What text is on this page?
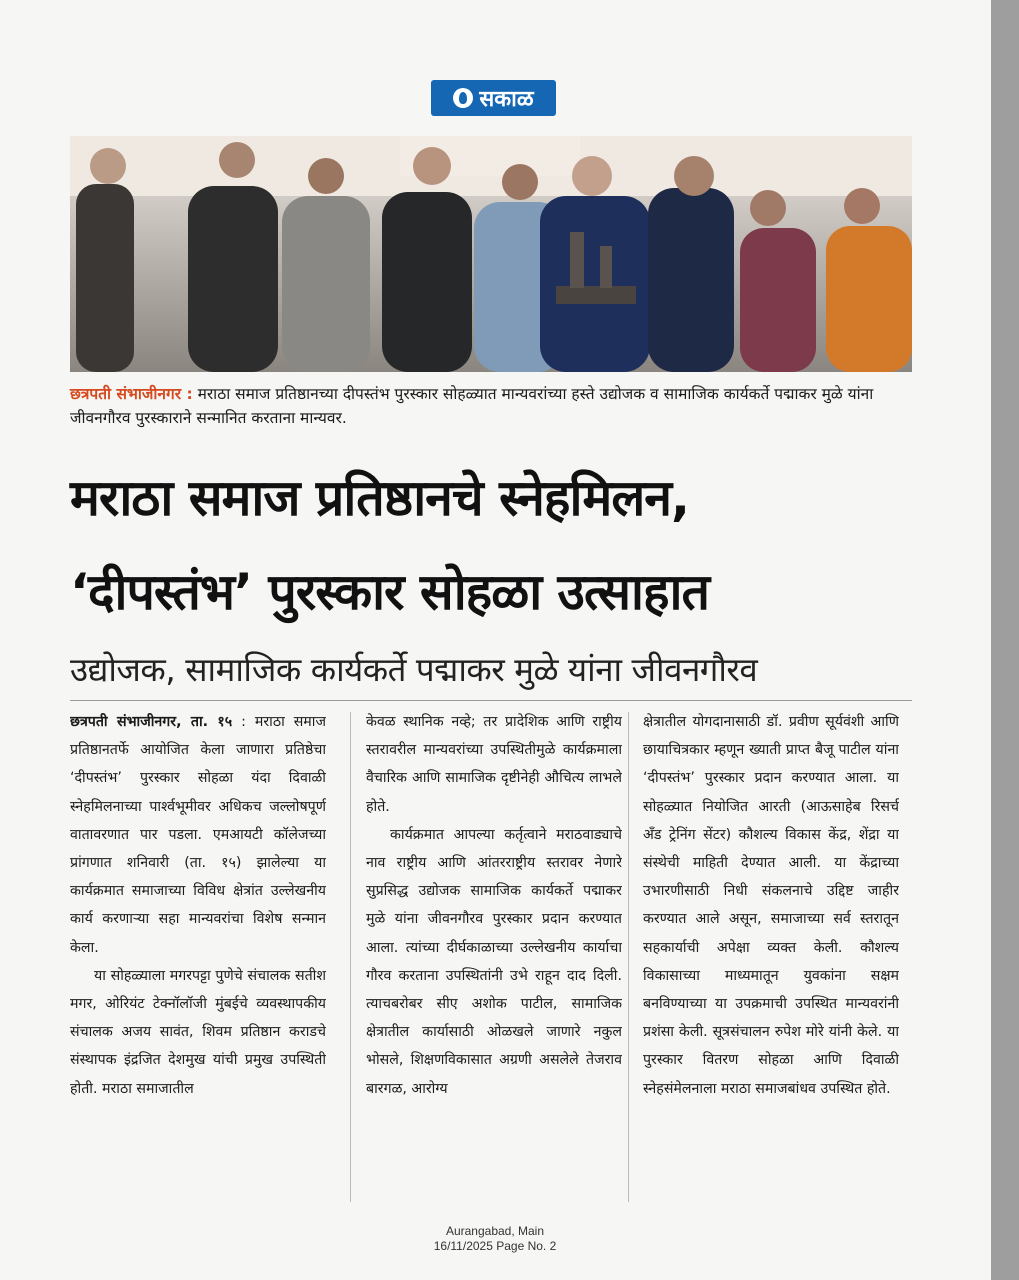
सकाळ
छत्रपती संभाजीनगर : मराठा समाज प्रतिष्ठानच्या दीपस्तंभ पुरस्कार सोहळ्यात मान्यवरांच्या हस्ते उद्योजक व सामाजिक कार्यकर्ते पद्माकर मुळे यांना जीवनगौरव पुरस्काराने सन्मानित करताना मान्यवर.
मराठा समाज प्रतिष्ठानचे स्नेहमिलन,
‘दीपस्तंभ’ पुरस्कार सोहळा उत्साहात
उद्योजक, सामाजिक कार्यकर्ते पद्माकर मुळे यांना जीवनगौरव

छत्रपती संभाजीनगर, ता. १५ : मराठा समाज प्रतिष्ठानतर्फे आयोजित केला जाणारा प्रतिष्ठेचा ‘दीपस्तंभ’ पुरस्कार सोहळा यंदा दिवाळी स्नेहमिलनाच्या पार्श्वभूमीवर अधिकच जल्लोषपूर्ण वातावरणात पार पडला. एमआयटी कॉलेजच्या प्रांगणात शनिवारी (ता. १५) झालेल्या या कार्यक्रमात समाजाच्या विविध क्षेत्रांत उल्लेखनीय कार्य करणाऱ्या सहा मान्यवरांचा विशेष सन्मान केला.

या सोहळ्याला मगरपट्टा पुणेचे संचालक सतीश मगर, ओरियंट टेक्नॉलॉजी मुंबईचे व्यवस्थापकीय संचालक अजय सावंत, शिवम प्रतिष्ठान कराडचे संस्थापक इंद्रजित देशमुख यांची प्रमुख उपस्थिती होती. मराठा समाजातील

केवळ स्थानिक नव्हे; तर प्रादेशिक आणि राष्ट्रीय स्तरावरील मान्यवरांच्या उपस्थितीमुळे कार्यक्रमाला वैचारिक आणि सामाजिक दृष्टीनेही औचित्य लाभले होते.

कार्यक्रमात आपल्या कर्तृत्वाने मराठवाड्याचे नाव राष्ट्रीय आणि आंतरराष्ट्रीय स्तरावर नेणारे सुप्रसिद्ध उद्योजक सामाजिक कार्यकर्ते पद्माकर मुळे यांना जीवनगौरव पुरस्कार प्रदान करण्यात आला. त्यांच्या दीर्घकाळाच्या उल्लेखनीय कार्याचा गौरव करताना उपस्थितांनी उभे राहून दाद दिली. त्याचबरोबर सीए अशोक पाटील, सामाजिक क्षेत्रातील कार्यासाठी ओळखले जाणारे नकुल भोसले, शिक्षणविकासात अग्रणी असलेले तेजराव बारगळ, आरोग्य

क्षेत्रातील योगदानासाठी डॉ. प्रवीण सूर्यवंशी आणि छायाचित्रकार म्हणून ख्याती प्राप्त बैजू पाटील यांना ‘दीपस्तंभ’ पुरस्कार प्रदान करण्यात आला. या सोहळ्यात नियोजित आरती (आऊसाहेब रिसर्च अँड ट्रेनिंग सेंटर) कौशल्य विकास केंद्र, शेंद्रा या संस्थेची माहिती देण्यात आली. या केंद्राच्या उभारणीसाठी निधी संकलनाचे उद्दिष्ट जाहीर करण्यात आले असून, समाजाच्या सर्व स्तरातून सहकार्याची अपेक्षा व्यक्त केली. कौशल्य विकासाच्या माध्यमातून युवकांना सक्षम बनविण्याच्या या उपक्रमाची उपस्थित मान्यवरांनी प्रशंसा केली. सूत्रसंचालन रुपेश मोरे यांनी केले. या पुरस्कार वितरण सोहळा आणि दिवाळी स्नेहसंमेलनाला मराठा समाजबांधव उपस्थित होते.

Aurangabad, Main
16/11/2025 Page No. 2
